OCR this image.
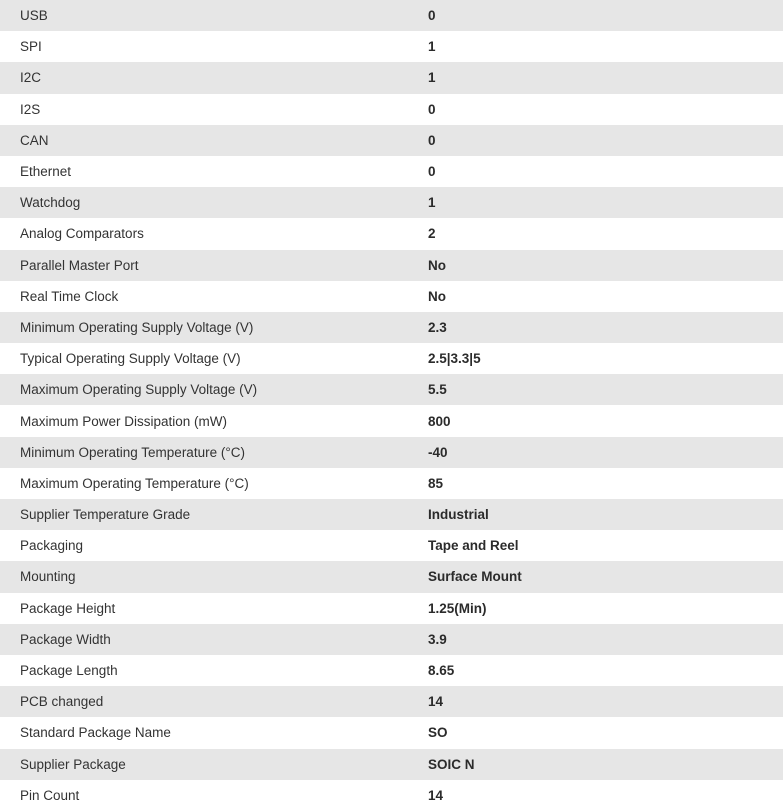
USB	0
SPI	1
I2C	1
I2S	0
CAN	0
Ethernet	0
Watchdog	1
Analog Comparators	2
Parallel Master Port	No
Real Time Clock	No
Minimum Operating Supply Voltage (V)	2.3
Typical Operating Supply Voltage (V)	2.5|3.3|5
Maximum Operating Supply Voltage (V)	5.5
Maximum Power Dissipation (mW)	800
Minimum Operating Temperature (°C)	-40
Maximum Operating Temperature (°C)	85
Supplier Temperature Grade	Industrial
Packaging	Tape and Reel
Mounting	Surface Mount
Package Height	1.25(Min)
Package Width	3.9
Package Length	8.65
PCB changed	14
Standard Package Name	SO
Supplier Package	SOIC N
Pin Count	14
